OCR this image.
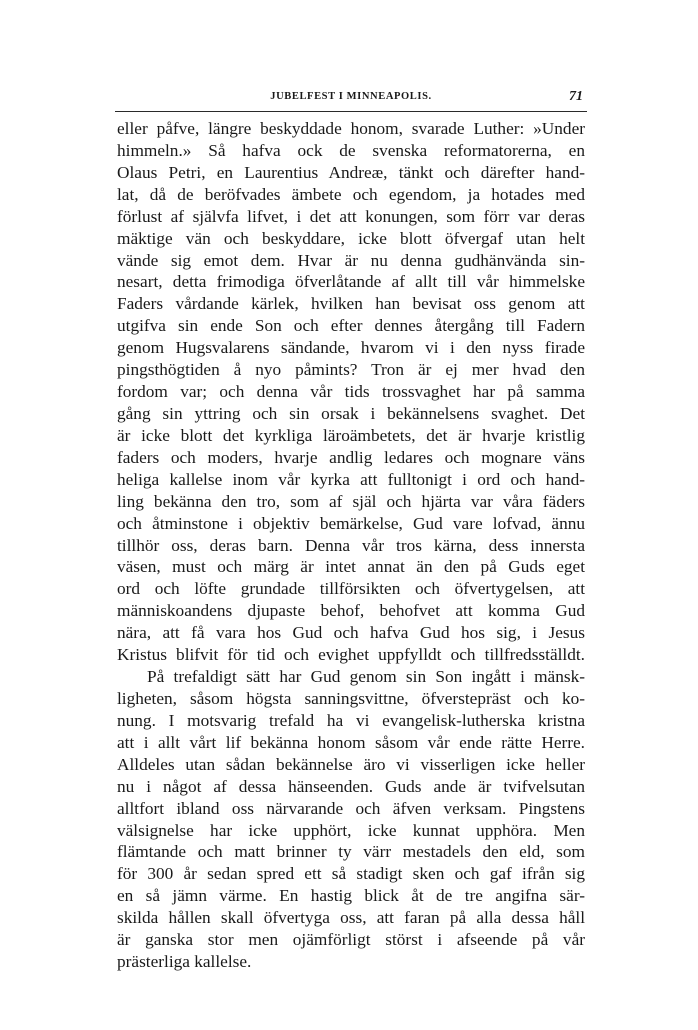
JUBELFEST I MINNEAPOLIS.	71
eller påfve, längre beskyddade honom, svarade Luther: »Under
himmeln.» Så hafva ock de svenska reformatorerna, en
Olaus Petri, en Laurentius Andreæ, tänkt och därefter hand-
lat, då de beröfvades ämbete och egendom, ja hotades med
förlust af självfa lifvet, i det att konungen, som förr var deras
mäktige vän och beskyddare, icke blott öfvergaf utan helt
vände sig emot dem. Hvar är nu denna gudhänvända sin-
nesart, detta frimodiga öfverlåtande af allt till vår himmelske
Faders vårdande kärlek, hvilken han bevisat oss genom att
utgifva sin ende Son och efter dennes återgång till Fadern
genom Hugsvalarens sändande, hvarom vi i den nyss firade
pingsthögtiden å nyo påmints? Tron är ej mer hvad den
fordom var; och denna vår tids trossvaghet har på samma
gång sin yttring och sin orsak i bekännelsens svaghet. Det
är icke blott det kyrkliga läroämbetets, det är hvarje kristlig
faders och moders, hvarje andlig ledares och mognare väns
heliga kallelse inom vår kyrka att fulltonigt i ord och hand-
ling bekänna den tro, som af själ och hjärta var våra fäders
och åtminstone i objektiv bemärkelse, Gud vare lofvad, ännu
tillhör oss, deras barn. Denna vår tros kärna, dess innersta
väsen, must och märg är intet annat än den på Guds eget
ord och löfte grundade tillförsikten och öfvertygelsen, att
människoandens djupaste behof, behofvet att komma Gud
nära, att få vara hos Gud och hafva Gud hos sig, i Jesus
Kristus blifvit för tid och evighet uppfylldt och tillfredsställdt.
På trefaldigt sätt har Gud genom sin Son ingått i mänsk-
ligheten, såsom högsta sanningsvittne, öfverstepräst och ko-
nung. I motsvarig trefald ha vi evangelisk-lutherska kristna
att i allt vårt lif bekänna honom såsom vår ende rätte Herre.
Alldeles utan sådan bekännelse äro vi visserligen icke heller
nu i något af dessa hänseenden. Guds ande är tvifvelsutan
alltfort ibland oss närvarande och äfven verksam. Pingstens
välsignelse har icke upphört, icke kunnat upphöra. Men
flämtande och matt brinner ty värr mestadels den eld, som
för 300 år sedan spred ett så stadigt sken och gaf ifrån sig
en så jämn värme. En hastig blick åt de tre angifna sär-
skilda hållen skall öfvertyga oss, att faran på alla dessa håll
är ganska stor men ojämförligt störst i afseende på vår
prästerliga kallelse.
